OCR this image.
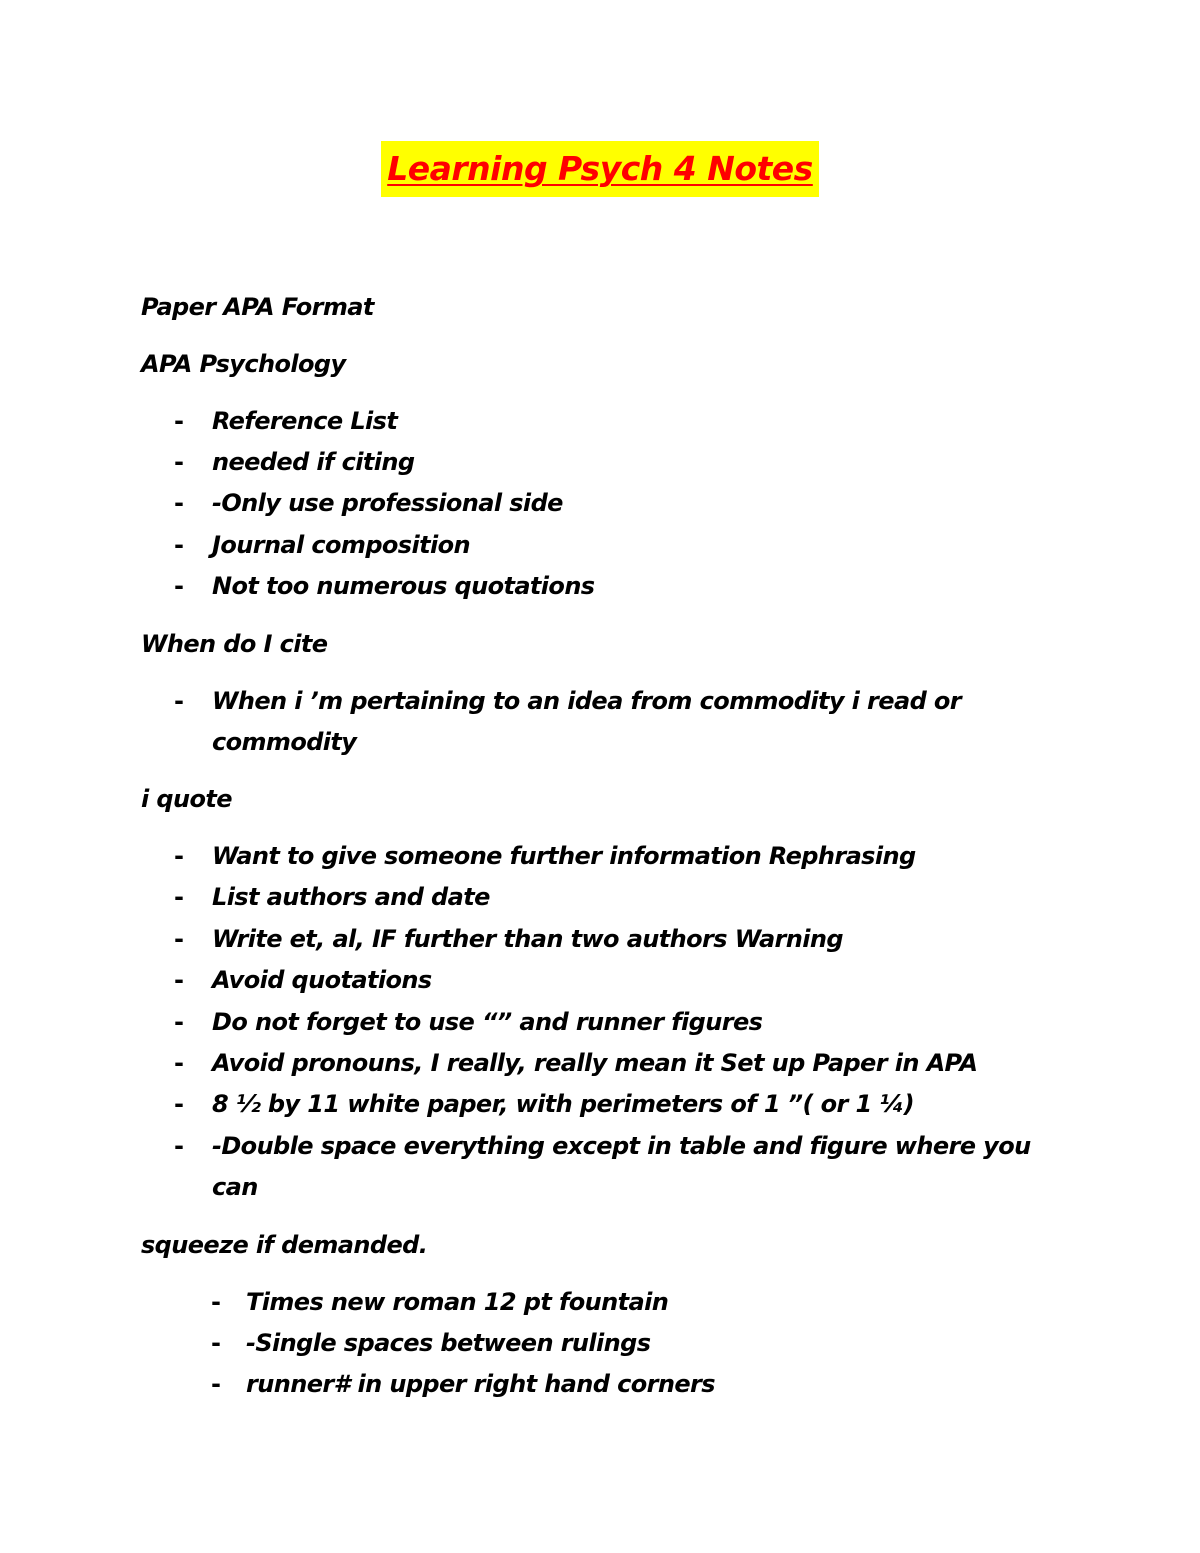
Learning Psych 4 Notes
Paper APA Format
APA Psychology
- Reference List
- needed if citing
- -Only use professional side
- Journal composition
- Not too numerous quotations
When do I cite
- When i ’m pertaining to an idea from commodity i read or
commodity
i quote
- Want to give someone further information Rephrasing
- List authors and date
- Write et, al, IF further than two authors Warning
- Avoid quotations
- Do not forget to use “” and runner figures
- Avoid pronouns, I really, really mean it Set up Paper in APA
- 8 ½ by 11 white paper, with perimeters of 1 ”( or 1 ¼)
- -Double space everything except in table and figure where you
can
squeeze if demanded.
- Times new roman 12 pt fountain
- -Single spaces between rulings
- runner# in upper right hand corners
